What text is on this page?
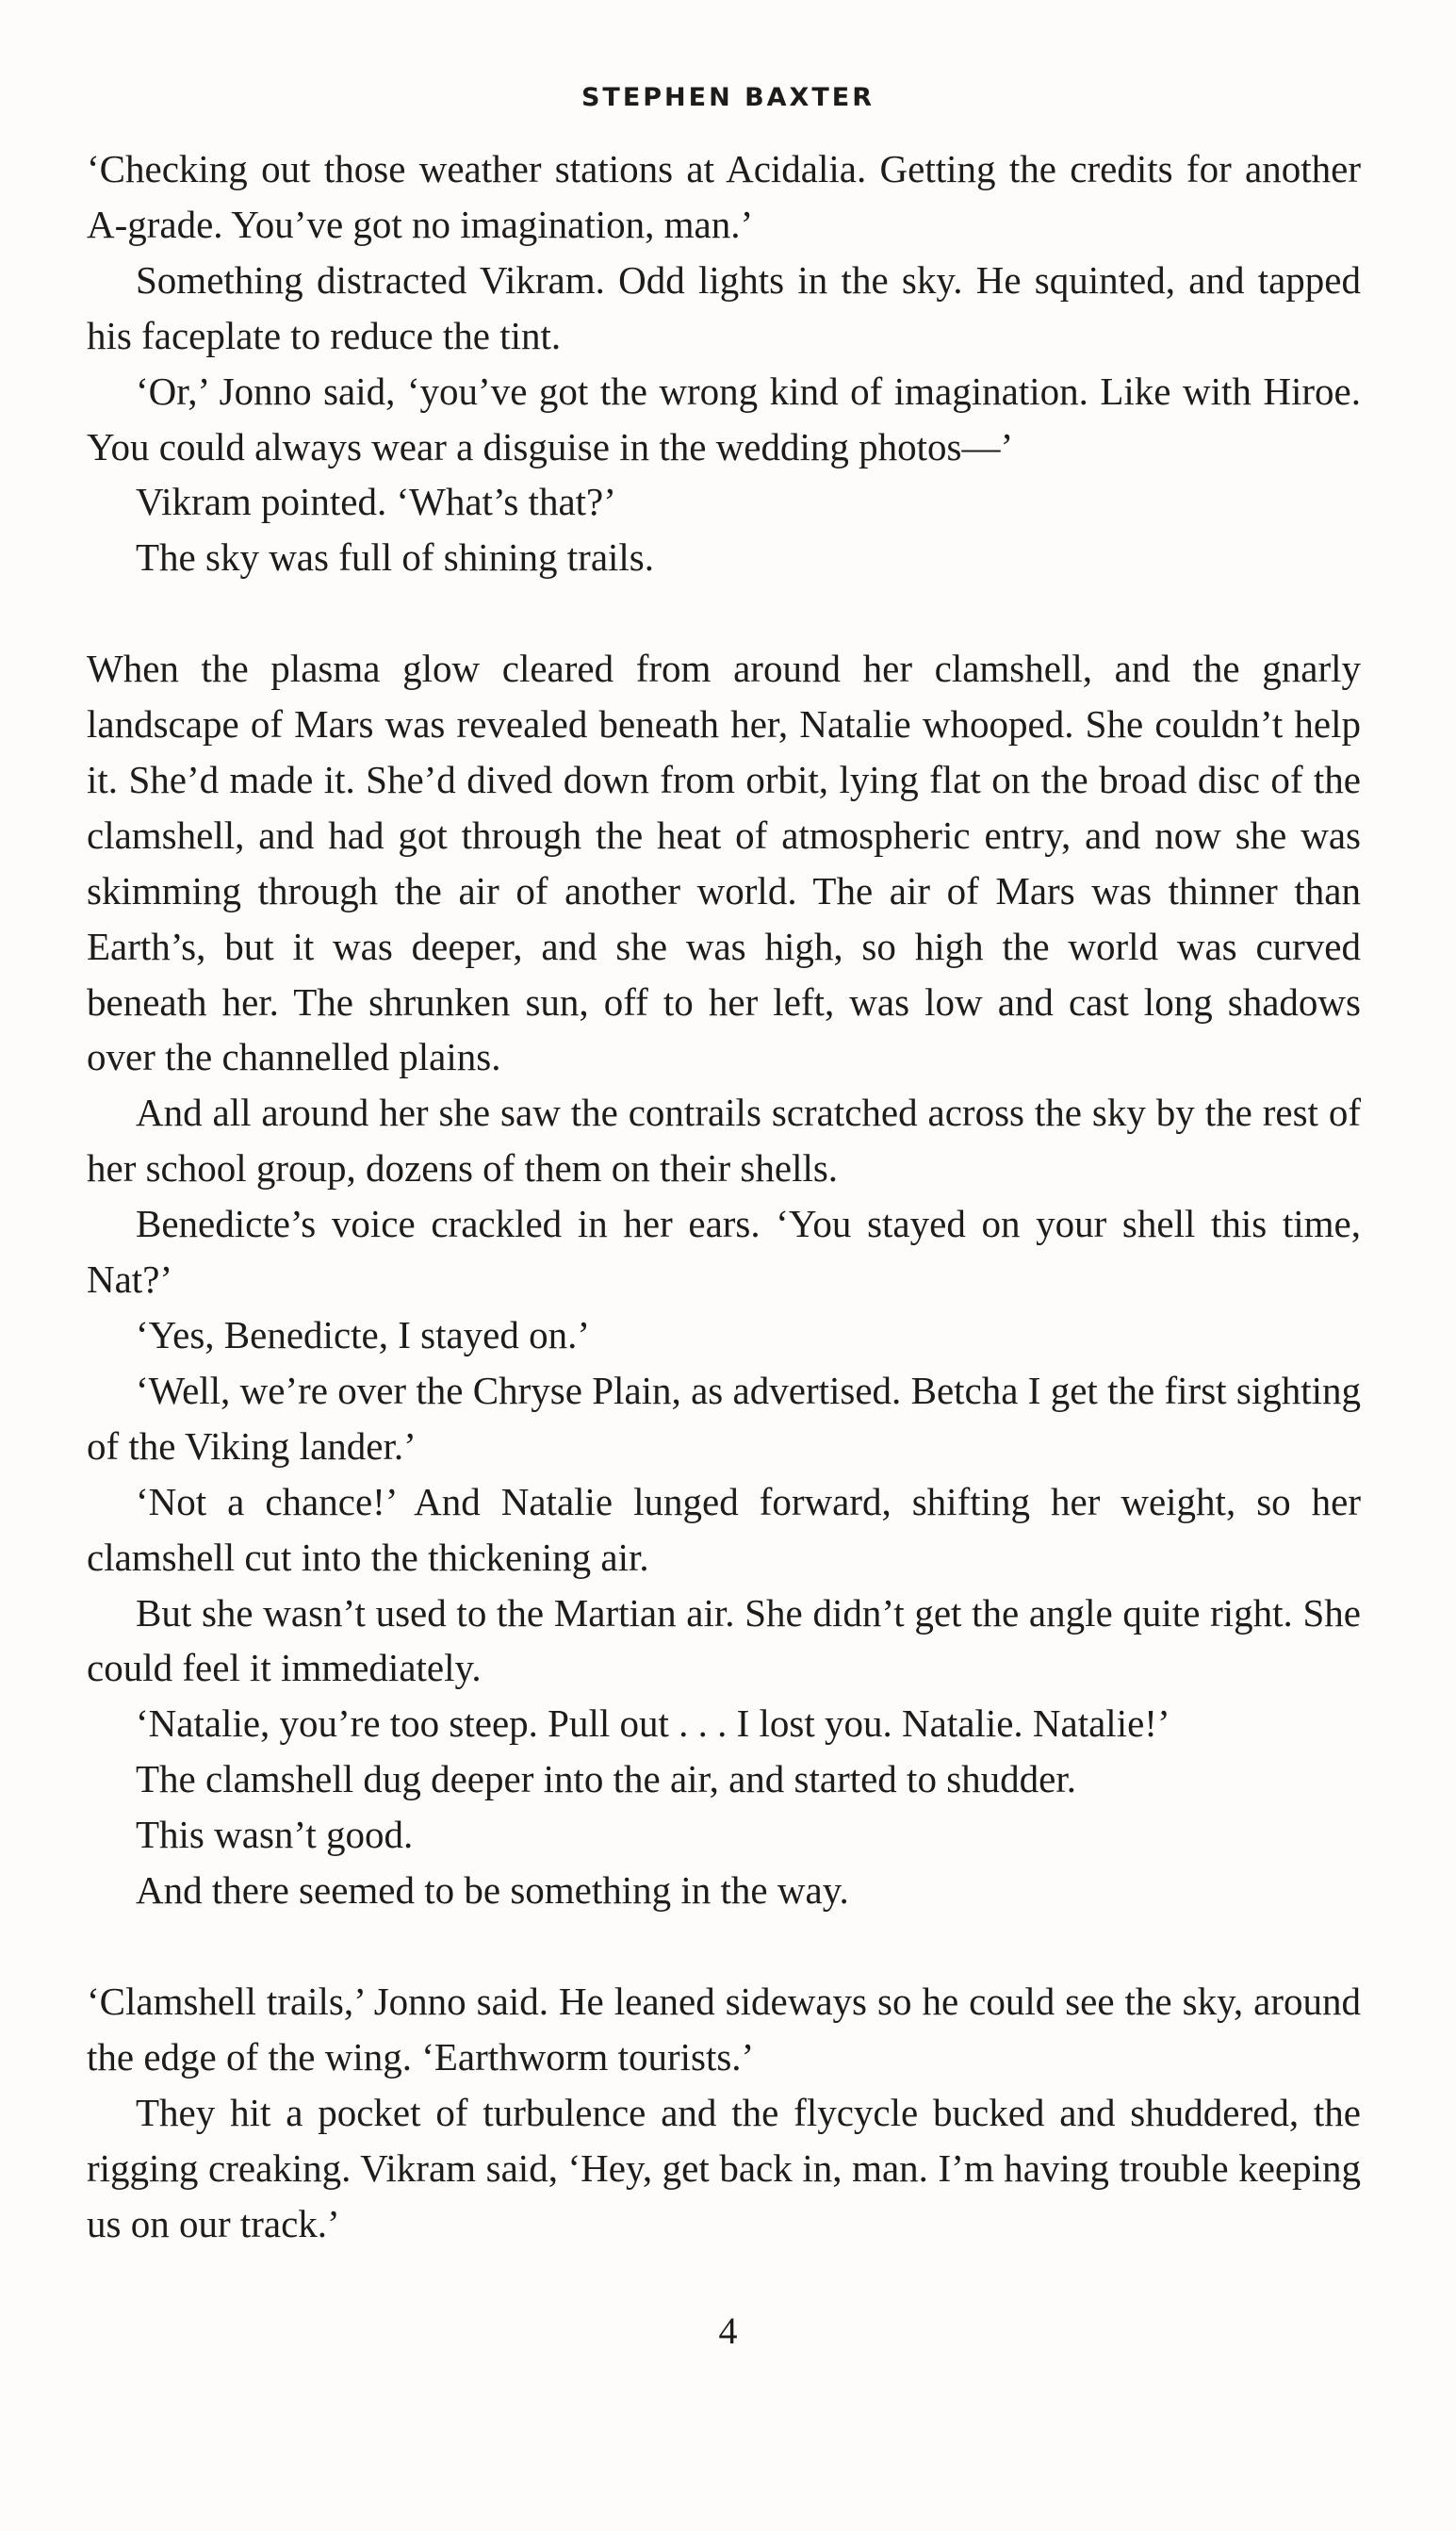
STEPHEN BAXTER

‘Checking out those weather stations at Acidalia. Getting the credits for another A-grade. You’ve got no imagination, man.’

Something distracted Vikram. Odd lights in the sky. He squinted, and tapped his faceplate to reduce the tint.

‘Or,’ Jonno said, ‘you’ve got the wrong kind of imagination. Like with Hiroe. You could always wear a disguise in the wedding photos—’

Vikram pointed. ‘What’s that?’

The sky was full of shining trails.

When the plasma glow cleared from around her clamshell, and the gnarly landscape of Mars was revealed beneath her, Natalie whooped. She couldn’t help it. She’d made it. She’d dived down from orbit, lying flat on the broad disc of the clamshell, and had got through the heat of atmospheric entry, and now she was skimming through the air of another world. The air of Mars was thinner than Earth’s, but it was deeper, and she was high, so high the world was curved beneath her. The shrunken sun, off to her left, was low and cast long shadows over the channelled plains.

And all around her she saw the contrails scratched across the sky by the rest of her school group, dozens of them on their shells.

Benedicte’s voice crackled in her ears. ‘You stayed on your shell this time, Nat?’

‘Yes, Benedicte, I stayed on.’

‘Well, we’re over the Chryse Plain, as advertised. Betcha I get the first sighting of the Viking lander.’

‘Not a chance!’ And Natalie lunged forward, shifting her weight, so her clamshell cut into the thickening air.

But she wasn’t used to the Martian air. She didn’t get the angle quite right. She could feel it immediately.

‘Natalie, you’re too steep. Pull out . . . I lost you. Natalie. Natalie!’

The clamshell dug deeper into the air, and started to shudder.

This wasn’t good.

And there seemed to be something in the way.

‘Clamshell trails,’ Jonno said. He leaned sideways so he could see the sky, around the edge of the wing. ‘Earthworm tourists.’

They hit a pocket of turbulence and the flycycle bucked and shuddered, the rigging creaking. Vikram said, ‘Hey, get back in, man. I’m having trouble keeping us on our track.’

4
